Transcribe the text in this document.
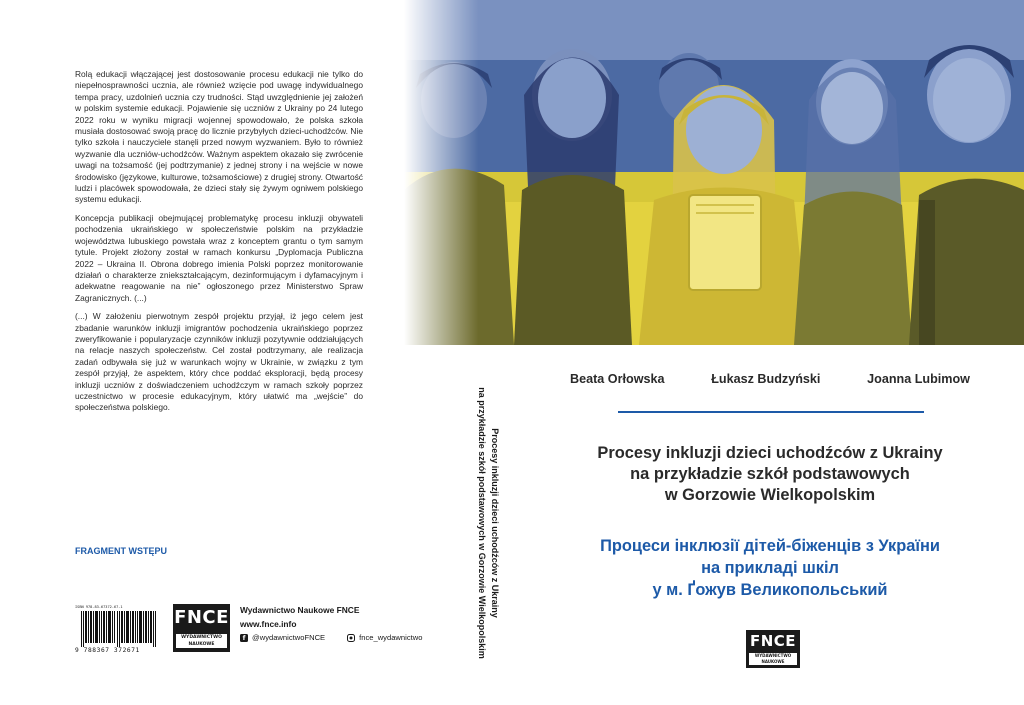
Rolą edukacji włączającej jest dostosowanie procesu edukacji nie tylko do niepełnosprawności ucznia, ale również wzięcie pod uwagę indywidualnego tempa pracy, uzdolnień ucznia czy trudności. Stąd uwzględnienie jej założeń w polskim systemie edukacji. Pojawienie się uczniów z Ukrainy po 24 lutego 2022 roku w wyniku migracji wojennej spowodowało, że polska szkoła musiała dostosować swoją pracę do licznie przybyłych dzieci-uchodźców. Nie tylko szkoła i nauczyciele stanęli przed nowym wyzwaniem. Było to również wyzwanie dla uczniów-uchodźców. Ważnym aspektem okazało się zwrócenie uwagi na tożsamość (jej podtrzymanie) z jednej strony i na wejście w nowe środowisko (językowe, kulturowe, tożsamościowe) z drugiej strony. Otwartość ludzi i placówek spowodowała, że dzieci stały się żywym ogniwem polskiego systemu edukacji.

Koncepcja publikacji obejmującej problematykę procesu inkluzji obywateli pochodzenia ukraińskiego w społeczeństwie polskim na przykładzie województwa lubuskiego powstała wraz z konceptem grantu o tym samym tytule. Projekt złożony został w ramach konkursu „Dyplomacja Publiczna 2022 – Ukraina II. Obrona dobrego imienia Polski poprzez monitorowanie działań o charakterze zniekształcającym, dezinformującym i dyfamacyjnym i adekwatne reagowanie na nie” ogłoszonego przez Ministerstwo Spraw Zagranicznych. (...)

(...) W założeniu pierwotnym zespół projektu przyjął, iż jego celem jest zbadanie warunków inkluzji imigrantów pochodzenia ukraińskiego poprzez zweryfikowanie i popularyzacje czynników inkluzji pozytywnie oddziałujących na relacje naszych społeczeństw. Cel został podtrzymany, ale realizacja zadań odbywała się już w warunkach wojny w Ukrainie, w związku z tym zespół przyjął, że aspektem, który chce poddać eksploracji, będą procesy inkluzji uczniów z doświadczeniem uchodźczym w ramach szkoły poprzez uczestnictwo w procesie edukacyjnym, który ułatwić ma „wejście” do społeczeństwa polskiego.

FRAGMENT WSTĘPU
ISBN 978-83-67372-67-1
9 788367 372671
FNCE
WYDAWNICTWO NAUKOWE
Wydawnictwo Naukowe FNCE
www.fnce.info
f @wydawnictwoFNCE	● fnce_wydawnictwo
Procesy inkluzji dzieci uchodźców z Ukrainy
na przykładzie szkół podstawowych w Gorzowie Wielkopolskim
Beata Orłowska	Łukasz Budzyński	Joanna Lubimow
Procesy inkluzji dzieci uchodźców z Ukrainy
na przykładzie szkół podstawowych
w Gorzowie Wielkopolskim
Процеси інклюзії дітей-біженців з України
на прикладі шкіл
у м. Ґожув Великопольський
FNCE
WYDAWNICTWO NAUKOWE
